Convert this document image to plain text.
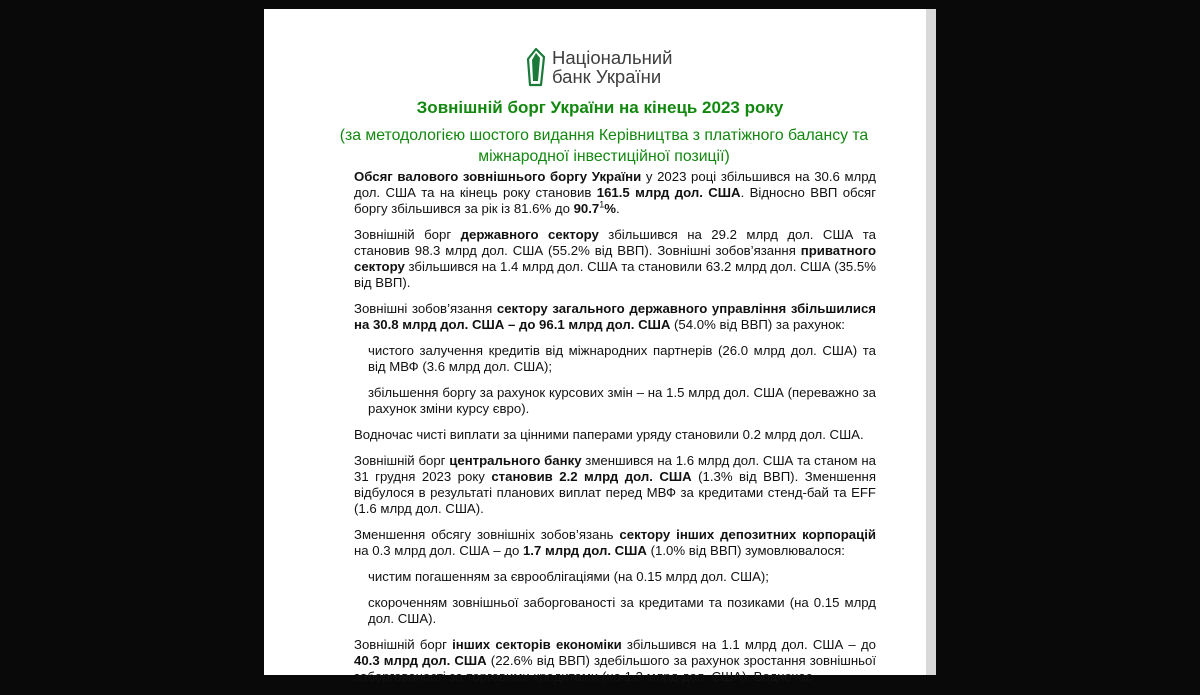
Національний
банк України
Зовнішній борг України на кінець 2023 року
(за методологією шостого видання Керівництва з платіжного балансу та міжнародної інвестиційної позиції)

Обсяг валового зовнішнього боргу України у 2023 році збільшився на 30.6 млрд дол. США та на кінець року становив 161.5 млрд дол. США. Відносно ВВП обсяг боргу збільшився за рік із 81.6% до 90.7$^1$%.

Зовнішній борг державного сектору збільшився на 29.2 млрд дол. США та становив 98.3 млрд дол. США (55.2% від ВВП). Зовнішні зобов’язання приватного сектору збільшився на 1.4 млрд дол. США та становили 63.2 млрд дол. США (35.5% від ВВП).

Зовнішні зобов’язання сектору загального державного управління збільшилися на 30.8 млрд дол. США – до 96.1 млрд дол. США (54.0% від ВВП) за рахунок:

чистого залучення кредитів від міжнародних партнерів (26.0 млрд дол. США) та від МВФ (3.6 млрд дол. США);

збільшення боргу за рахунок курсових змін – на 1.5 млрд дол. США (переважно за рахунок зміни курсу євро).

Водночас чисті виплати за цінними паперами уряду становили 0.2 млрд дол. США.

Зовнішній борг центрального банку зменшився на 1.6 млрд дол. США та станом на 31 грудня 2023 року становив 2.2 млрд дол. США (1.3% від ВВП). Зменшення відбулося в результаті планових виплат перед МВФ за кредитами стенд-бай та EFF (1.6 млрд дол. США).

Зменшення обсягу зовнішніх зобов’язань сектору інших депозитних корпорацій на 0.3 млрд дол. США – до 1.7 млрд дол. США (1.0% від ВВП) зумовлювалося:

чистим погашенням за єврооблігаціями (на 0.15 млрд дол. США);

скороченням зовнішньої заборгованості за кредитами та позиками (на 0.15 млрд дол. США).

Зовнішній борг інших секторів економіки збільшився на 1.1 млрд дол. США – до 40.3 млрд дол. США (22.6% від ВВП) здебільшого за рахунок зростання зовнішньої заборгованості за торговими кредитами (на 1.3 млрд дол. США). Водночас
